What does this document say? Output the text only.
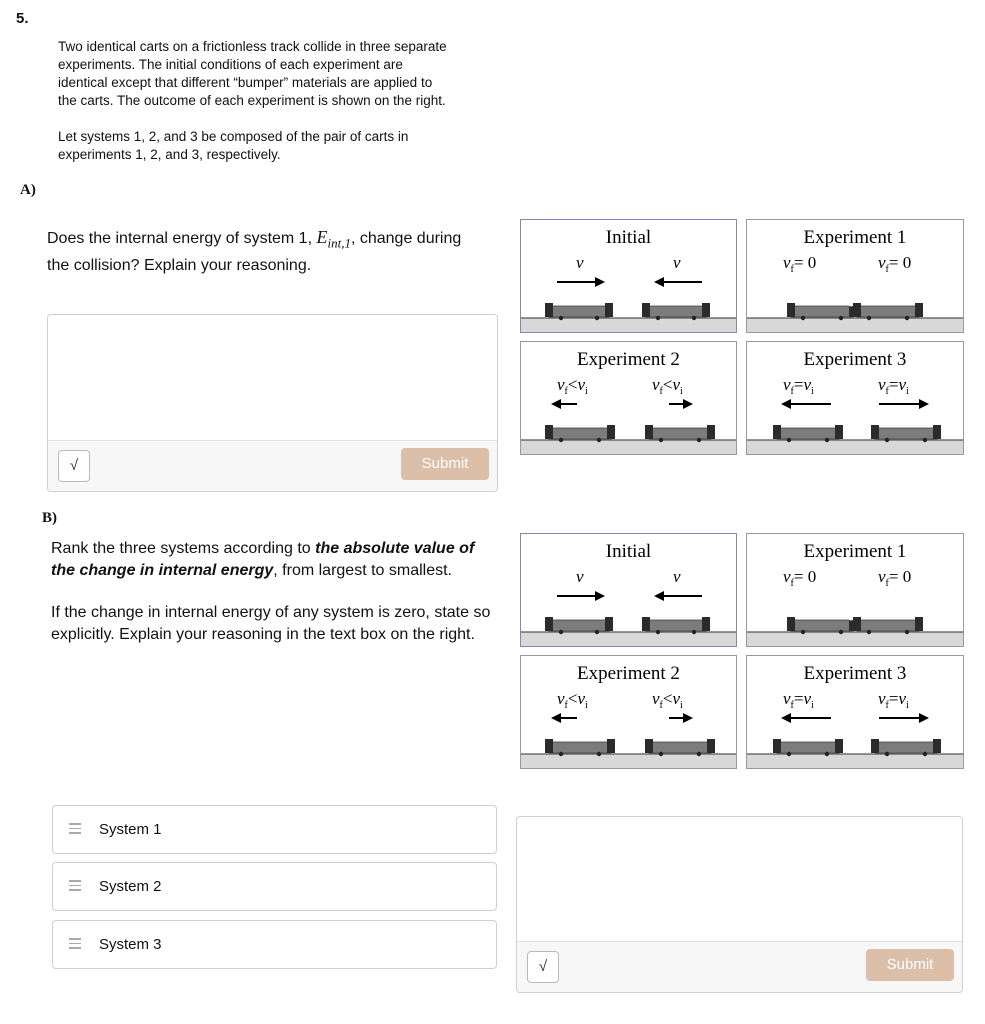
5.

Two identical carts on a frictionless track collide in three separate experiments. The initial conditions of each experiment are identical except that different “bumper” materials are applied to the carts. The outcome of each experiment is shown on the right.

Let systems 1, 2, and 3 be composed of the pair of carts in experiments 1, 2, and 3, respectively.

A)
Does the internal energy of system 1, $E_{int,1}$, change during the collision? Explain your reasoning.
√	Submit
B)

Rank the three systems according to the absolute value of the change in internal energy, from largest to smallest.

If the change in internal energy of any system is zero, state so explicitly. Explain your reasoning in the text box on the right.

System 1
System 2
System 3
√	Submit
Initial
v	v
Experiment 1
$v_f= 0$	$v_f= 0$
Experiment 2
$v_f<v_i$	$v_f<v_i$
Experiment 3
$v_f=v_i$	$v_f=v_i$
Initial
v	v
Experiment 1
$v_f= 0$	$v_f= 0$
Experiment 2
$v_f<v_i$	$v_f<v_i$
Experiment 3
$v_f=v_i$	$v_f=v_i$
